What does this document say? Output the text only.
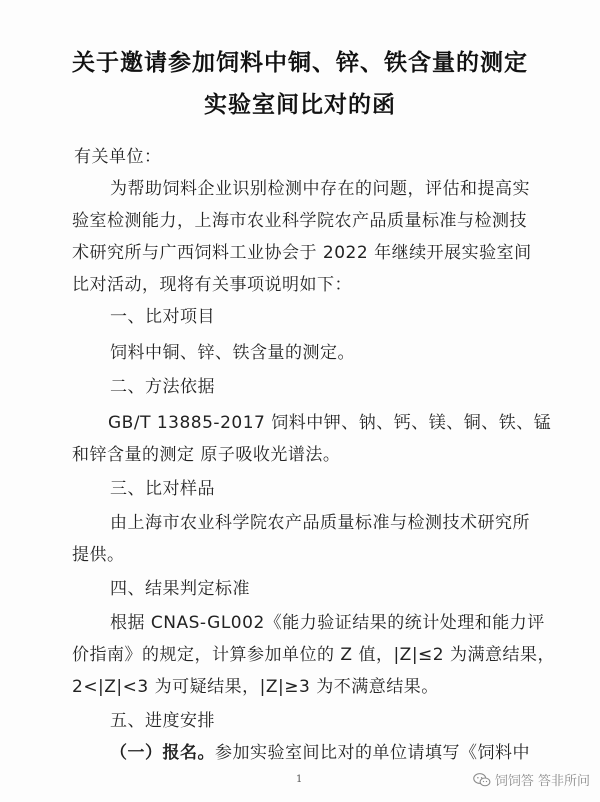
关于邀请参加饲料中铜、锌、铁含量的测定
实验室间比对的函
有关单位：
为帮助饲料企业识别检测中存在的问题，评估和提高实
验室检测能力，上海市农业科学院农产品质量标准与检测技
术研究所与广西饲料工业协会于 2022 年继续开展实验室间
比对活动，现将有关事项说明如下：
一、比对项目
饲料中铜、锌、铁含量的测定。
二、方法依据
GB/T 13885-2017 饲料中钾、钠、钙、镁、铜、铁、锰
和锌含量的测定 原子吸收光谱法。
三、比对样品
由上海市农业科学院农产品质量标准与检测技术研究所
提供。
四、结果判定标准
根据 CNAS-GL002《能力验证结果的统计处理和能力评
价指南》的规定，计算参加单位的 Z 值，|Z|≤2 为满意结果，
2<|Z|<3 为可疑结果，|Z|≥3 为不满意结果。
五、进度安排
（一）报名。参加实验室间比对的单位请填写《饲料中
1	饲饲答 答非所问
